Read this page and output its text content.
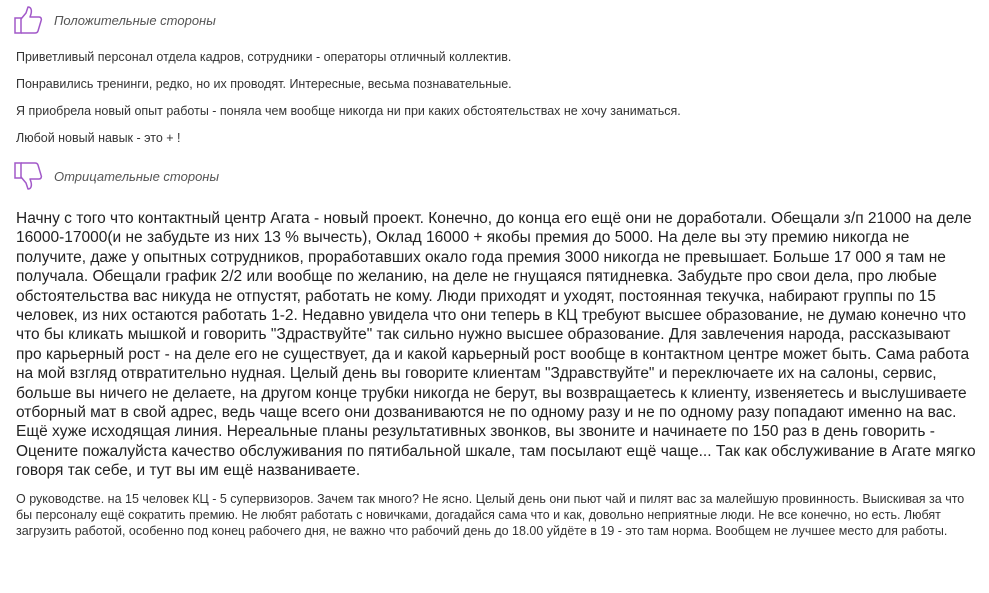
Положительные стороны
Приветливый персонал отдела кадров, сотрудники - операторы отличный коллектив.
Понравились тренинги, редко, но их проводят. Интересные, весьма познавательные.
Я приобрела новый опыт работы - поняла чем вообще никогда ни при каких обстоятельствах не хочу заниматься.
Любой новый навык - это + !
Отрицательные стороны
Начну с того что контактный центр Агата - новый проект. Конечно, до конца его ещё они не доработали. Обещали з/п 21000 на деле 16000-17000(и не забудьте из них 13 % вычесть), Оклад 16000 + якобы премия до 5000. На деле вы эту премию никогда не получите, даже у опытных сотрудников, проработавших окало года премия 3000 никогда не превышает. Больше 17 000 я там не получала. Обещали график 2/2 или вообще по желанию, на деле не гнущаяся пятидневка. Забудьте про свои дела, про любые обстоятельства вас никуда не отпустят, работать не кому. Люди приходят и уходят, постоянная текучка, набирают группы по 15 человек, из них остаются работать 1-2. Недавно увидела что они теперь в КЦ требуют высшее образование, не думаю конечно что что бы кликать мышкой и говорить "Здраствуйте" так сильно нужно высшее образование. Для завлечения народа, рассказывают про карьерный рост - на деле его не существует, да и какой карьерный рост вообще в контактном центре может быть. Сама работа на мой взгляд отвратительно нудная. Целый день вы говорите клиентам "Здравствуйте" и переключаете их на салоны, сервис, больше вы ничего не делаете, на другом конце трубки никогда не берут, вы возвращаетесь к клиенту, извеняетесь и выслушиваете отборный мат в свой адрес, ведь чаще всего они дозваниваются не по одному разу и не по одному разу попадают именно на вас. Ещё хуже исходящая линия. Нереальные планы результативных звонков, вы звоните и начинаете по 150 раз в день говорить - Оцените пожалуйста качество обслуживания по пятибальной шкале, там посылают ещё чаще... Так как обслуживание в Агате мягко говоря так себе, и тут вы им ещё названиваете.
О руководстве. на 15 человек КЦ - 5 супервизоров. Зачем так много? Не ясно. Целый день они пьют чай и пилят вас за малейшую провинность. Выискивая за что бы персоналу ещё сократить премию. Не любят работать с новичками, догадайся сама что и как, довольно неприятные люди. Не все конечно, но есть. Любят загрузить работой, особенно под конец рабочего дня, не важно что рабочий день до 18.00 уйдёте в 19 - это там норма. Вообщем не лучшее место для работы.
